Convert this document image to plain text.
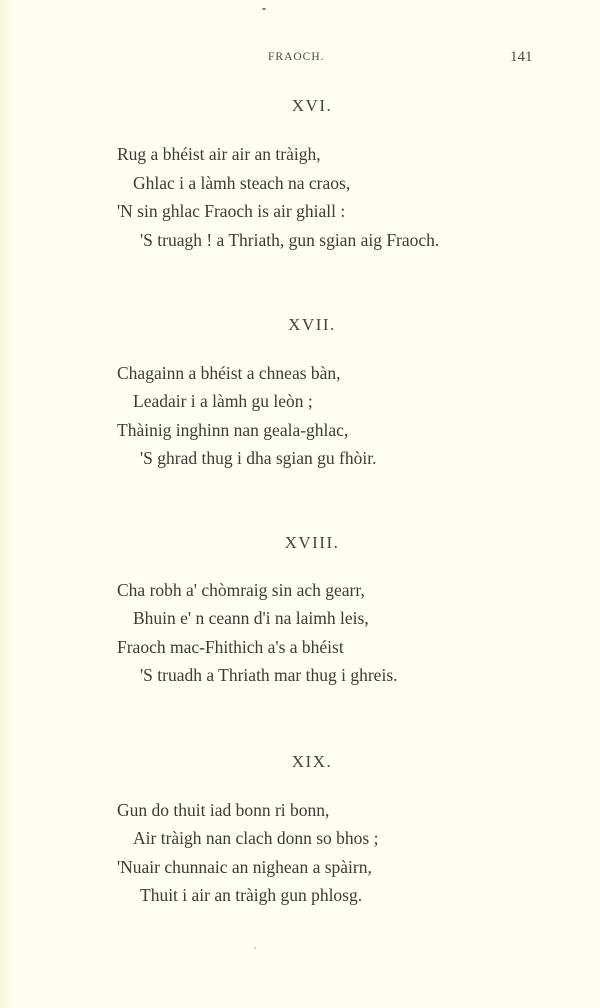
FRAOCH.	141
XVI.
Rug a bhéist air air an tràigh,
Ghlac i a làmh steach na craos,
'N sin ghlac Fraoch is air ghiall :
'S truagh ! a Thriath, gun sgian aig Fraoch.
XVII.
Chagainn a bhéist a chneas bàn,
Leadair i a làmh gu leòn ;
Thàinig inghinn nan geala-ghlac,
'S ghrad thug i dha sgian gu fhòir.
XVIII.
Cha robh a' chòmraig sin ach gearr,
Bhuin e' n ceann d'i na laimh leis,
Fraoch mac-Fhithich a's a bhéist
'S truadh a Thriath mar thug i ghreis.
XIX.
Gun do thuit iad bonn ri bonn,
Air tràigh nan clach donn so bhos ;
'Nuair chunnaic an nighean a spàirn,
Thuit i air an tràigh gun phlosg.
